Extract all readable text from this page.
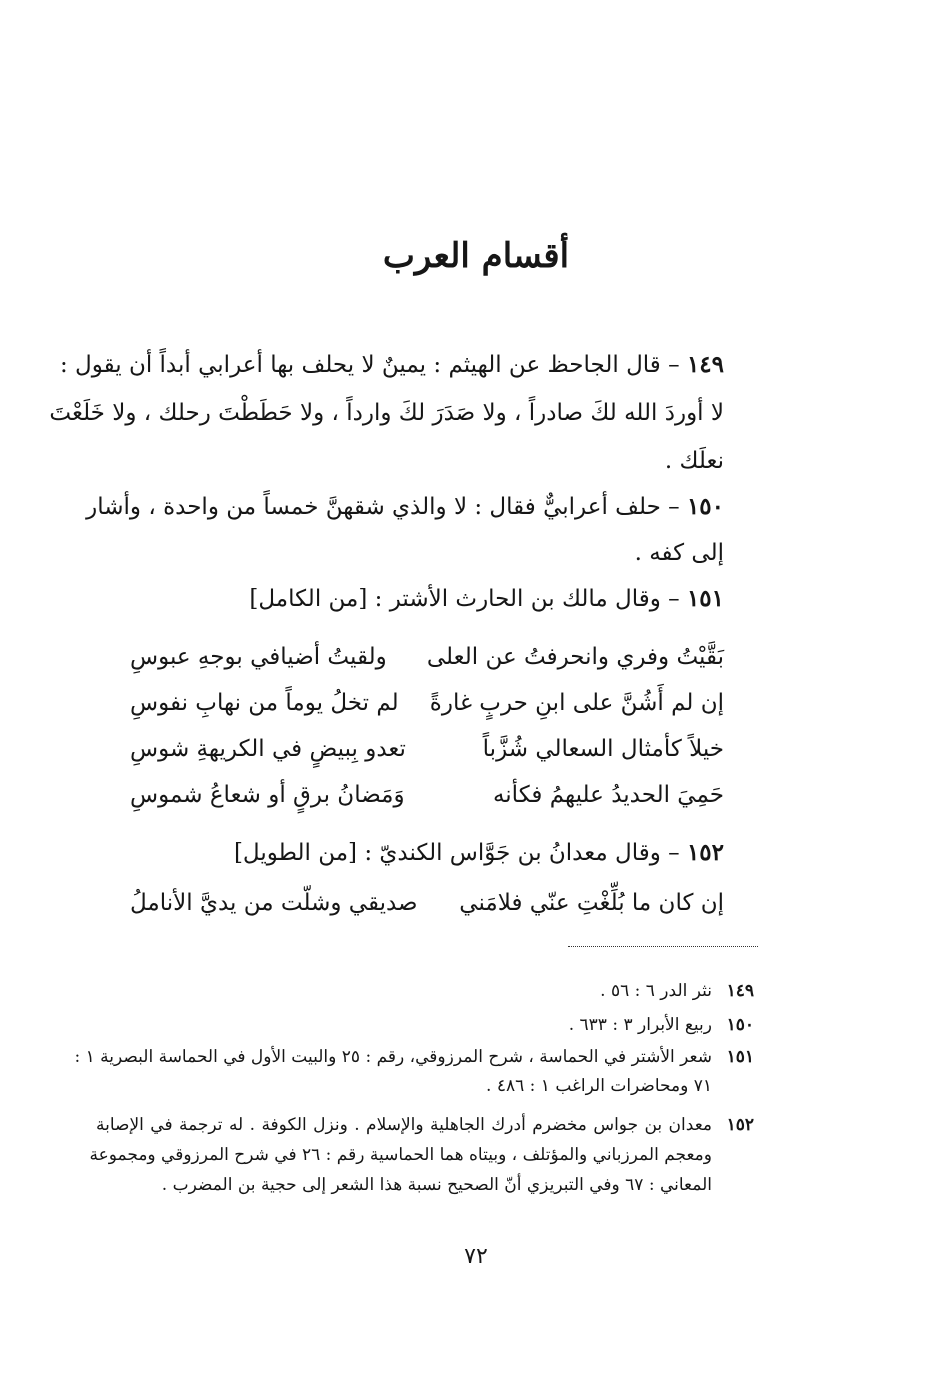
أقسام العرب

١٤٩ – قال الجاحظ عن الهيثم : يمينٌ لا يحلف بها أعرابي أبداً أن يقول :

لا أوردَ الله لكَ صادراً ، ولا صَدَرَ لكَ وارداً ، ولا حَطَطْتَ رحلك ، ولا خَلَعْتَ

نعلَك .

١٥٠ – حلف أعرابيٌّ فقال : لا والذي شقهنَّ خمساً من واحدة ، وأشار

إلى كفه .

١٥١ – وقال مالك بن الحارث الأشتر : [من الكامل]

بَقَّيْتُ وفري وانحرفتُ عن العلى
ولقيتُ أضيافي بوجهِ عبوسِ
إن لم أَشُنَّ على ابنِ حربٍ غارةً
لم تخلُ يوماً من نهابِ نفوسِ
خيلاً كأمثال السعالي شُزَّباً
تعدو بِبيضٍ في الكريهةِ شوسِ
حَمِيَ الحديدُ عليهمُ فكأنه
وَمَضانُ برقٍ أو شعاعُ شموسِ

١٥٢ – وقال معدانُ بن جَوَّاس الكنديّ : [من الطويل]

إن كان ما بُلِّغْتِ عنّي فلامَني
صديقي وشلّت من يديَّ الأناملُ
١٤٩

نثر الدر ٦ : ٥٦ .

١٥٠

ربيع الأبرار ٣ : ٦٣٣ .

١٥١

شعر الأشتر في الحماسة ، شرح المرزوقي، رقم : ٢٥ والبيت الأول في الحماسة البصرية ١ :

٧١ ومحاضرات الراغب ١ : ٤٨٦ .

١٥٢

معدان بن جواس مخضرم أدرك الجاهلية والإسلام . ونزل الكوفة . له ترجمة في الإصابة

ومعجم المرزباني والمؤتلف ، وبيتاه هما الحماسية رقم : ٢٦ في شرح المرزوقي ومجموعة

المعاني : ٦٧ وفي التبريزي أنّ الصحيح نسبة هذا الشعر إلى حجية بن المضرب .

٧٢
